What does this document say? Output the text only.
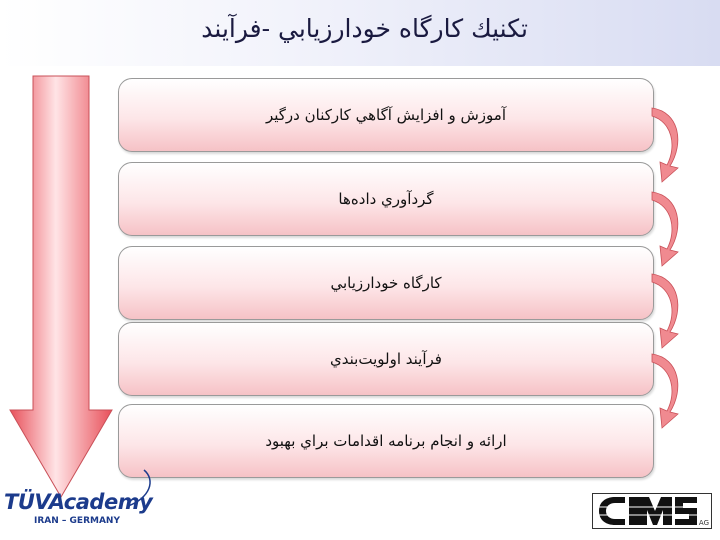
تكنيك كارگاه خودارزيابي -فرآيند
آموزش و افزايش آگاهي كاركنان درگير
گردآوري داده‌ها
كارگاه خودارزيابي
فرآيند اولويت‌بندي
ارائه و انجام برنامه اقدامات براي بهبود
TÜVAcademy
IRAN – GERMANY	AG
